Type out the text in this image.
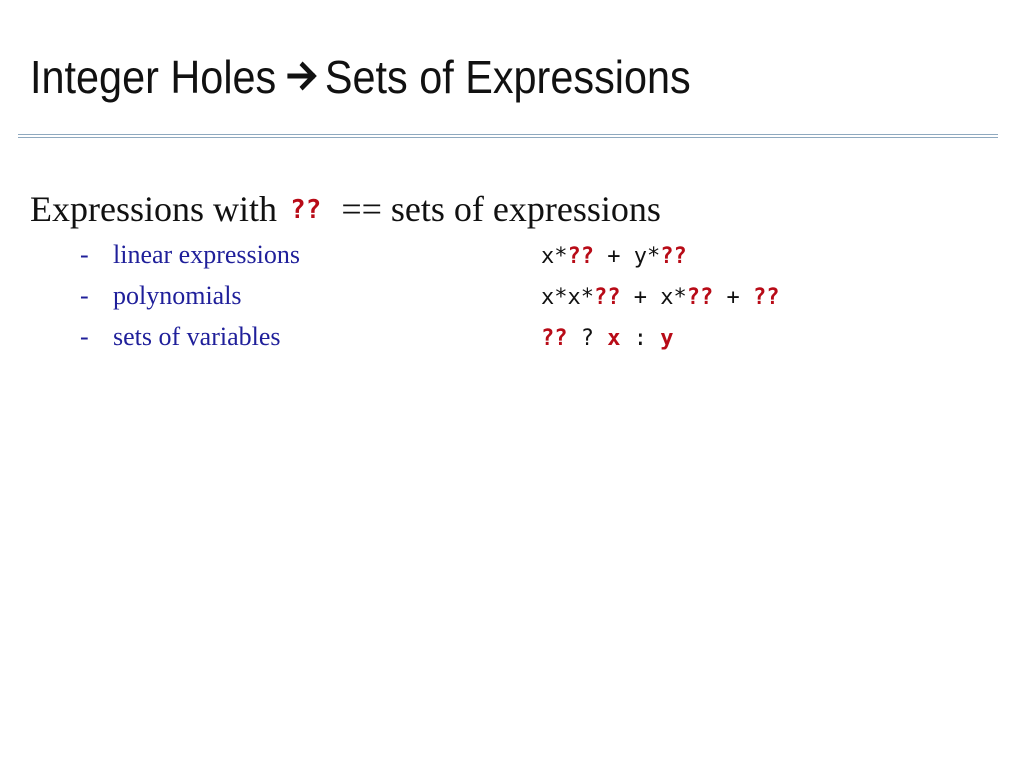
Integer Holes Sets of Expressions
Expressions with ?? == sets of expressions
- linear expressions	x*?? + y*??
- polynomials	x*x*?? + x*?? + ??
- sets of variables	?? ? x : y
